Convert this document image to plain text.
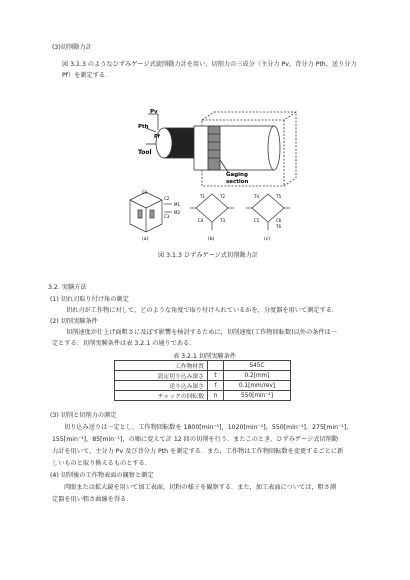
(3)切削動力計
図 3.1.3 のようなひずみゲージ式旋削動力計を用い，切削力の三成分（主分力 Pv，背分力 Pth，送り分力 Pf）を測定する．
Pv
Pth
Pf
Tool
Gaging
section
C1
C2
C3
M1
M2
(a)
T1	T2
C4	T3
(b)
T4	T5
C5	C6
T6
(c)
図 3.1.3 ひずみゲージ式切削動力計
3.2. 実験方法
(1) 切れ刃取り付け角の測定
切れ刃が工作物に対して，どのような角度で取り付けられているかを，分度器を用いて測定する．
(2) 切削実験条件
切削速度が仕上げ面粗さに及ぼす影響を検討するために，切削速度(工作物回転数)以外の条件は一
定とする．切削実験条件は表 3.2.1 の通りである．
表 3.2.1 切削実験条件
工作物材質		S45C
設定切り込み深さ	t	0.2[mm]
送り込み深さ	f	0.1[mm/rev]
チャックの回転数	n	550[min⁻¹]
(3) 切削と切削力の測定
切り込み送りは一定とし，工作物回転数を 1800[min⁻¹]，1020[min⁻¹]，550[min⁻¹]，275[min⁻¹]，
155[min⁻¹]，85[min⁻¹]，の順に変えて計 12 回の切削を行う．またこのとき，ひずみゲージ式切削動
力計を用いて，主分力 Pv 及び背分力 Pth を測定する．また，工作物は工作物回転数を変更するごとに新
しいものと取り換えるものとする．
(4) 切削後の工作物表面の観察と測定
肉眼または拡大鏡を用いて加工表面，切粉の様子を観察する．また，加工表面については，粗さ測
定器を用い粗さ曲線を得る．
